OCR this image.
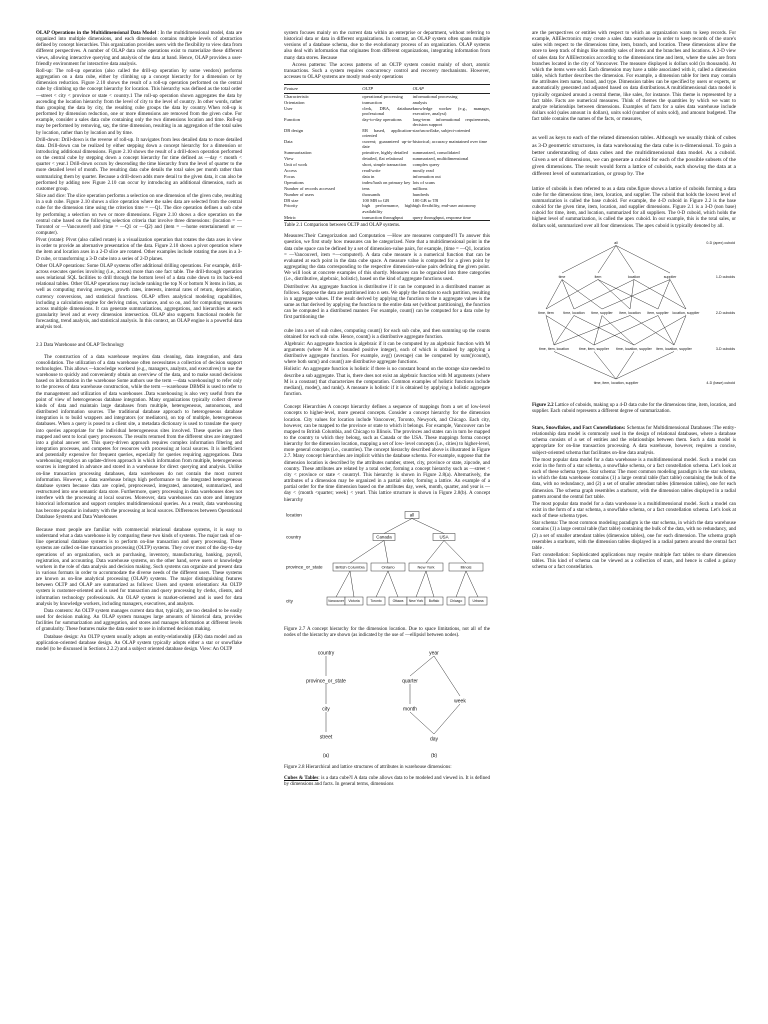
OLAP Operations in the Multidimensional Data Model : In the multidimensional model, data are organized into multiple dimensions, and each dimension contains multiple levels of abstraction defined by concept hierarchies. This organization provides users with the flexibility to view data from different perspectives. A number of OLAP data cube operations exist to materialize these different views, allowing interactive querying and analysis of the data at hand. Hence, OLAP provides a user-friendly environment for interactive data analysis.

Roll-up: The roll-up operation (also called the drill-up operation by some vendors) performs aggregation on a data cube, either by climbing up a concept hierarchy for a dimension or by dimension reduction. Figure 2.10 shows the result of a roll-up operation performed on the central cube by climbing up the concept hierarchy for location. This hierarchy was defined as the total order —street < city < province or state < country.1 The roll-up operation shown aggregates the data by ascending the location hierarchy from the level of city to the level of country. In other words, rather than grouping the data by city, the resulting cube groups the data by country. When roll-up is performed by dimension reduction, one or more dimensions are removed from the given cube. For example, consider a sales data cube containing only the two dimensions location and time. Roll-up may be performed by removing, say, the time dimension, resulting in an aggregation of the total sales by location, rather than by location and by time.

Drill-down: Drill-down is the reverse of roll-up. It navigates from less detailed data to more detailed data. Drill-down can be realized by either stepping down a concept hierarchy for a dimension or introducing additional dimensions. Figure 2.10 shows the result of a drill-down operation performed on the central cube by stepping down a concept hierarchy for time defined as —day < month < quarter < year.1 Drill-down occurs by descending the time hierarchy from the level of quarter to the more detailed level of month. The resulting data cube details the total sales per month rather than summarizing them by quarter. Because a drill-down adds more detail to the given data, it can also be performed by adding new Figure 2.10 can occur by introducing an additional dimension, such as customer group.

Slice and dice: The slice operation performs a selection on one dimension of the given cube, resulting in a sub cube. Figure 2.10 shows a slice operation where the sales data are selected from the central cube for the dimension time using the criterion time = —Q1. The dice operation defines a sub cube by performing a selection on two or more dimensions. Figure 2.10 shows a dice operation on the central cube based on the following selection criteria that involve three dimensions: (location = —Toronto‖ or —Vancouver‖) and (time = —Q1 or —Q2) and (item = —home entertainment‖ or —computer).

Pivot (rotate): Pivot (also called rotate) is a visualization operation that rotates the data axes in view in order to provide an alternative presentation of the data. Figure 2.10 shows a pivot operation where the item and location axes in a 2-D slice are rotated. Other examples include rotating the axes in a 3-D cube, or transforming a 3-D cube into a series of 2-D planes.

Other OLAP operations: Some OLAP systems offer additional drilling operations. For example, drill-across executes queries involving (i.e., across) more than one fact table. The drill-through operation uses relational SQL facilities to drill through the bottom level of a data cube down to its back-end relational tables. Other OLAP operations may include ranking the top N or bottom N items in lists, as well as computing moving averages, growth rates, interests, internal rates of return, depreciation, currency conversions, and statistical functions. OLAP offers analytical modeling capabilities, including a calculation engine for deriving ratios, variance, and so on, and for computing measures across multiple dimensions. It can generate summarizations, aggregations, and hierarchies at each granularity level and at every dimension intersection. OLAP also supports functional models for forecasting, trend analysis, and statistical analysis. In this context, an OLAP engine is a powerful data analysis tool.

2.3 Data Warehouse and OLAP Technology

The construction of a data warehouse requires data cleaning, data integration, and data consolidation. The utilization of a data warehouse often necessitates a collection of decision support technologies. This allows —knowledge workers‖ (e.g., managers, analysts, and executives) to use the warehouse to quickly and conveniently obtain an overview of the data, and to make sound decisions based on information in the warehouse Some authors use the term —data warehousing‖ to refer only to the process of data warehouse construction, while the term —warehouse DBMS‖ is used to refer to the management and utilization of data warehouses .Data warehousing is also very useful from the point of view of heterogeneous database integration. Many organizations typically collect diverse kinds of data and maintain large databases from multiple, heterogeneous, autonomous, and distributed information sources. The traditional database approach to heterogeneous database integration is to build wrappers and integrators (or mediators), on top of multiple, heterogeneous databases. When a query is posed to a client site, a metadata dictionary is used to translate the query into queries appropriate for the individual heterogeneous sites involved. These queries are then mapped and sent to local query processors. The results returned from the different sites are integrated into a global answer set. This query-driven approach requires complex information filtering and integration processes, and competes for resources with processing at local sources. It is inefficient and potentially expensive for frequent queries, especially for queries requiring aggregations. Data warehousing employs an update-driven approach in which information from multiple, heterogeneous sources is integrated in advance and stored in a warehouse for direct querying and analysis. Unlike on-line transaction processing databases, data warehouses do not contain the most current information. However, a data warehouse brings high performance to the integrated heterogeneous database system because data are copied, preprocessed, integrated, annotated, summarized, and restructured into one semantic data store. Furthermore, query processing in data warehouses does not interfere with the processing at local sources. Moreover, data warehouses can store and integrate historical information and support complex multidimensional queries. As a result, data warehousing has become popular in industry with the processing at local sources. Differences between Operational Database Systems and Data Warehouses

Because most people are familiar with commercial relational database systems, it is easy to understand what a data warehouse is by comparing these two kinds of systems. The major task of on-line operational database systems is to perform on-line transaction and query processing. These systems are called on-line transaction processing (OLTP) systems. They cover most of the day-to-day operations of an organization, such as purchasing, inventory, manufacturing, banking, payroll, registration, and accounting. Data warehouse systems, on the other hand, serve users or knowledge workers in the role of data analysis and decision making. Such systems can organize and present data in various formats in order to accommodate the diverse needs of the different users. These systems are known as on-line analytical processing (OLAP) systems. The major distinguishing features between OLTP and OLAP are summarized as follows: Users and system orientation: An OLTP system is customer-oriented and is used for transaction and query processing by clerks, clients, and information technology professionals. An OLAP system is market-oriented and is used for data analysis by knowledge workers, including managers, executives, and analysts.

Data contents: An OLTP system manages current data that, typically, are too detailed to be easily used for decision making. An OLAP system manages large amounts of historical data, provides facilities for summarization and aggregation, and stores and manages information at different levels of granularity. These features make the data easier to use in informed decision making.

Database design: An OLTP system usually adopts an entity-relationship (ER) data model and an application-oriented database design. An OLAP system typically adopts either a star or snowflake model (to be discussed in Sections 2.2.2) and a subject oriented database design. View: An OLTP

system focuses mainly on the current data within an enterprise or department, without referring to historical data or data in different organizations. In contrast, an OLAP system often spans multiple versions of a database schema, due to the evolutionary process of an organization. OLAP systems also deal with information that originates from different organizations, integrating information from many data stores. Because

Access patterns: The access patterns of an OLTP system consist mainly of short, atomic transactions. Such a system requires concurrency control and recovery mechanisms. However, accesses to OLAP systems are mostly read-only operations

Feature	OLTP	OLAP
Characteristic	operational processing	informational processing
Orientation	transaction	analysis
User	clerk, DBA, database professional	knowledge worker (e.g., manager, executive, analyst)
Function	day-to-day operations	long-term informational requirements, decision support
DB design	ER based, application-oriented	star/snowflake, subject-oriented
Data	current; guaranteed up-to-date	historical; accuracy maintained over time
Summarization	primitive, highly detailed	summarized, consolidated
View	detailed, flat relational	summarized, multidimensional
Unit of work	short, simple transaction	complex query
Access	read/write	mostly read
Focus	data in	information out
Operations	index/hash on primary key	lots of scans
Number of records accessed	tens	millions
Number of users	thousands	hundreds
DB size	100 MB to GB	100 GB to TB
Priority	high performance, high availability	high flexibility, end-user autonomy
Metric	transaction throughput	query throughput, response time

Table 2.1 Comparison between OLTP and OLAP systems.

Measures:Their Categorization and Computation —How are measures computed?I To answer this question, we first study how measures can be categorized. Note that a multidimensional point in the data cube space can be defined by a set of dimension-value pairs, for example, (time = —Q1, location = —Vancouver‖, item =—computer‖). A data cube measure is a numerical function that can be evaluated at each point in the data cube space. A measure value is computed for a given point by aggregating the data corresponding to the respective dimension-value pairs defining the given point. We will look at concrete examples of this shortly. Measures can be organized into three categories (i.e., distributive, algebraic, holistic), based on the kind of aggregate functions used.

Distributive: An aggregate function is distributive if it can be computed in a distributed manner as follows. Suppose the data are partitioned into n sets. We apply the function to each partition, resulting in n aggregate values. If the result derived by applying the function to the n aggregate values is the same as that derived by applying the function to the entire data set (without partitioning), the function can be computed in a distributed manner. For example, count() can be computed for a data cube by first partitioning the

cube into a set of sub cubes, computing count() for each sub cube, and then summing up the counts obtained for each sub cube. Hence, count() is a distributive aggregate function.

Algebraic: An aggregate function is algebraic if it can be computed by an algebraic function with M arguments (where M is a bounded positive integer), each of which is obtained by applying a distributive aggregate function. For example, avg() (average) can be computed by sum()/count(), where both sum() and count() are distributive aggregate functions.

Holistic: An aggregate function is holistic if there is no constant bound on the storage size needed to describe a sub aggregate. That is, there does not exist an algebraic function with M arguments (where M is a constant) that characterizes the computation. Common examples of holistic functions include median(), mode(), and rank(). A measure is holistic if it is obtained by applying a holistic aggregate function.

Concept Hierarchies A concept hierarchy defines a sequence of mappings from a set of low-level concepts to higher-level, more general concepts. Consider a concept hierarchy for the dimension location. City values for location include Vancouver, Toronto, Newyork, and Chicago. Each city, however, can be mapped to the province or state to which it belongs. For example, Vancouver can be mapped to British Columbia, and Chicago to Illinois. The provinces and states can in turn be mapped to the country to which they belong, such as Canada or the USA. These mappings forma concept hierarchy for the dimension location, mapping a set of low- level concepts (i.e., cities) to higher-level, more general concepts (i.e., countries). The concept hierarchy described above is illustrated in Figure 2.7. Many concept hierarchies are implicit within the database schema. For example, suppose that the dimension location is described by the attributes number, street, city, province or state, zipcode, and country. These attributes are related by a total order, forming a concept hierarchy such as —street < city < province or state < country‖. This hierarchy is shown in Figure 2.8(a). Alternatively, the attributes of a dimension may be organized in a partial order, forming a lattice. An example of a partial order for the time dimension based on the attributes day, week, month, quarter, and year is —day < {month <quarter; week} < year‖. This lattice structure is shown in Figure 2.8(b). A concept hierarchy

location
country
province_or_state
city
all
Canada	USA
British Columbia	Ontario	New York	Illinois
Vancouver Victoria	Toronto	Ottawa New York Buffalo	Chicago	Urbana

Figure 2.7 A concept hierarchy for the dimension location. Due to space limitations, not all of the nodes of the hierarchy are shown (as indicated by the use of —ellipsis‖ between nodes).

country
province_or_state
city
street
(a)
year
quarter
month
week
day
(b)

Figure 2.8 Hierarchical and lattice structures of attributes in warehouse dimensions:

Cubes & Tables: is a data cube?I A data cube allows data to be modeled and viewed in. It is defined by dimensions and facts. In general terms, dimensions

are the perspectives or entities with respect to which an organization wants to keep records. For example, AllElectronics may create a sales data warehouse in order to keep records of the store's sales with respect to the dimensions time, item, branch, and location. These dimensions allow the store to keep track of things like monthly sales of items and the branches and locations. A 2-D view of sales data for AllElectronics according to the dimensions time and item, where the sales are from branches located in the city of Vancouver. The measure displayed is dollars sold (in thousands). At which the items were sold. Each dimension may have a table associated with it, called a dimension table, which further describes the dimension. For example, a dimension table for item may contain the attributes item name, brand, and type. Dimension tables can be specified by users or experts, or automatically generated and adjusted based on data distributions.A multidimensional data model is typically organized around a central theme, like sales, for instance. This theme is represented by a fact table. Facts are numerical measures. Think of themes the quantities by which we want to analyze relationships between dimensions. Examples of facts for a sales data warehouse include dollars sold (sales amount in dollars), units sold (number of units sold), and amount budgeted. The fact table contains the names of the facts, or measures,

as well as keys to each of the related dimension tables. Although we usually think of cubes as 3-D geometric structures, in data warehousing the data cube is n-dimensional. To gain a better understanding of data cubes and the multidimensional data model. As a cuboid. Given a set of dimensions, we can generate a cuboid for each of the possible subsets of the given dimensions. The result would form a lattice of cuboids, each showing the data at a different level of summarization, or group by. The

lattice of cuboids is then referred to as a data cube.figure shows a lattice of cuboids forming a data cube for the dimensions time, item, location, and supplier. The cuboid that holds the lowest level of summarization is called the base cuboid. For example, the 4-D cuboid in Figure 2.2 is the base cuboid for the given time, item, location, and supplier dimensions. Figure 2.1 is a 3-D (non base) cuboid for time, item, and location, summarized for all suppliers. The 0-D cuboid, which holds the highest level of summarization, is called the apex cuboid. In our example, this is the total sales, or dollars sold, summarized over all four dimensions. The apex cuboid is typically denoted by all.

all
time	item	location	supplier
time, item	time, location time, supplier item, location item, supplier location, supplier
time, item, location	time, item, supplier time, location, supplier item, location, supplier
time, item, location, supplier
0-D (apex) cuboid
1-D cuboids
2-D cuboids
3-D cuboids
4-D (base) cuboid

Figure 2.2 Lattice of cuboids, making up a 4-D data cube for the dimensions time, item, location, and supplier. Each cuboid represents a different degree of summarization.

Stars, Snowflakes, and Fact Constellations: Schemas for Multidimensional Databases :The entity-relationship data model is commonly used in the design of relational databases, where a database schema consists of a set of entities and the relationships between them. Such a data model is appropriate for on-line transaction processing. A data warehouse, however, requires a concise, subject-oriented schema that facilitates on-line data analysis.

The most popular data model for a data warehouse is a multidimensional model. Such a model can exist in the form of a star schema, a snowflake schema, or a fact constellation schema. Let's look at each of these schema types. Star schema: The most common modeling paradigm is the star schema, in which the data warehouse contains (1) a large central table (fact table) containing the bulk of the data, with no redundancy, and (2) a set of smaller attendant tables (dimension tables), one for each dimension. The schema graph resembles a starburst, with the dimension tables displayed in a radial pattern around the central fact table.

The most popular data model for a data warehouse is a multidimensional model. Such a model can exist in the form of a star schema, a snowflake schema, or a fact constellation schema. Let's look at each of these schema types.

Star schema: The most common modeling paradigm is the star schema, in which the data warehouse contains (1) a large central table (fact table) containing the bulk of the data, with no redundancy, and (2) a set of smaller attendant tables (dimension tables), one for each dimension. The schema graph resembles a starburst, with the dimension tables displayed in a radial pattern around the central fact table .

Fact constellation: Sophisticated applications may require multiple fact tables to share dimension tables. This kind of schema can be viewed as a collection of stars, and hence is called a galaxy schema or a fact constellation.
